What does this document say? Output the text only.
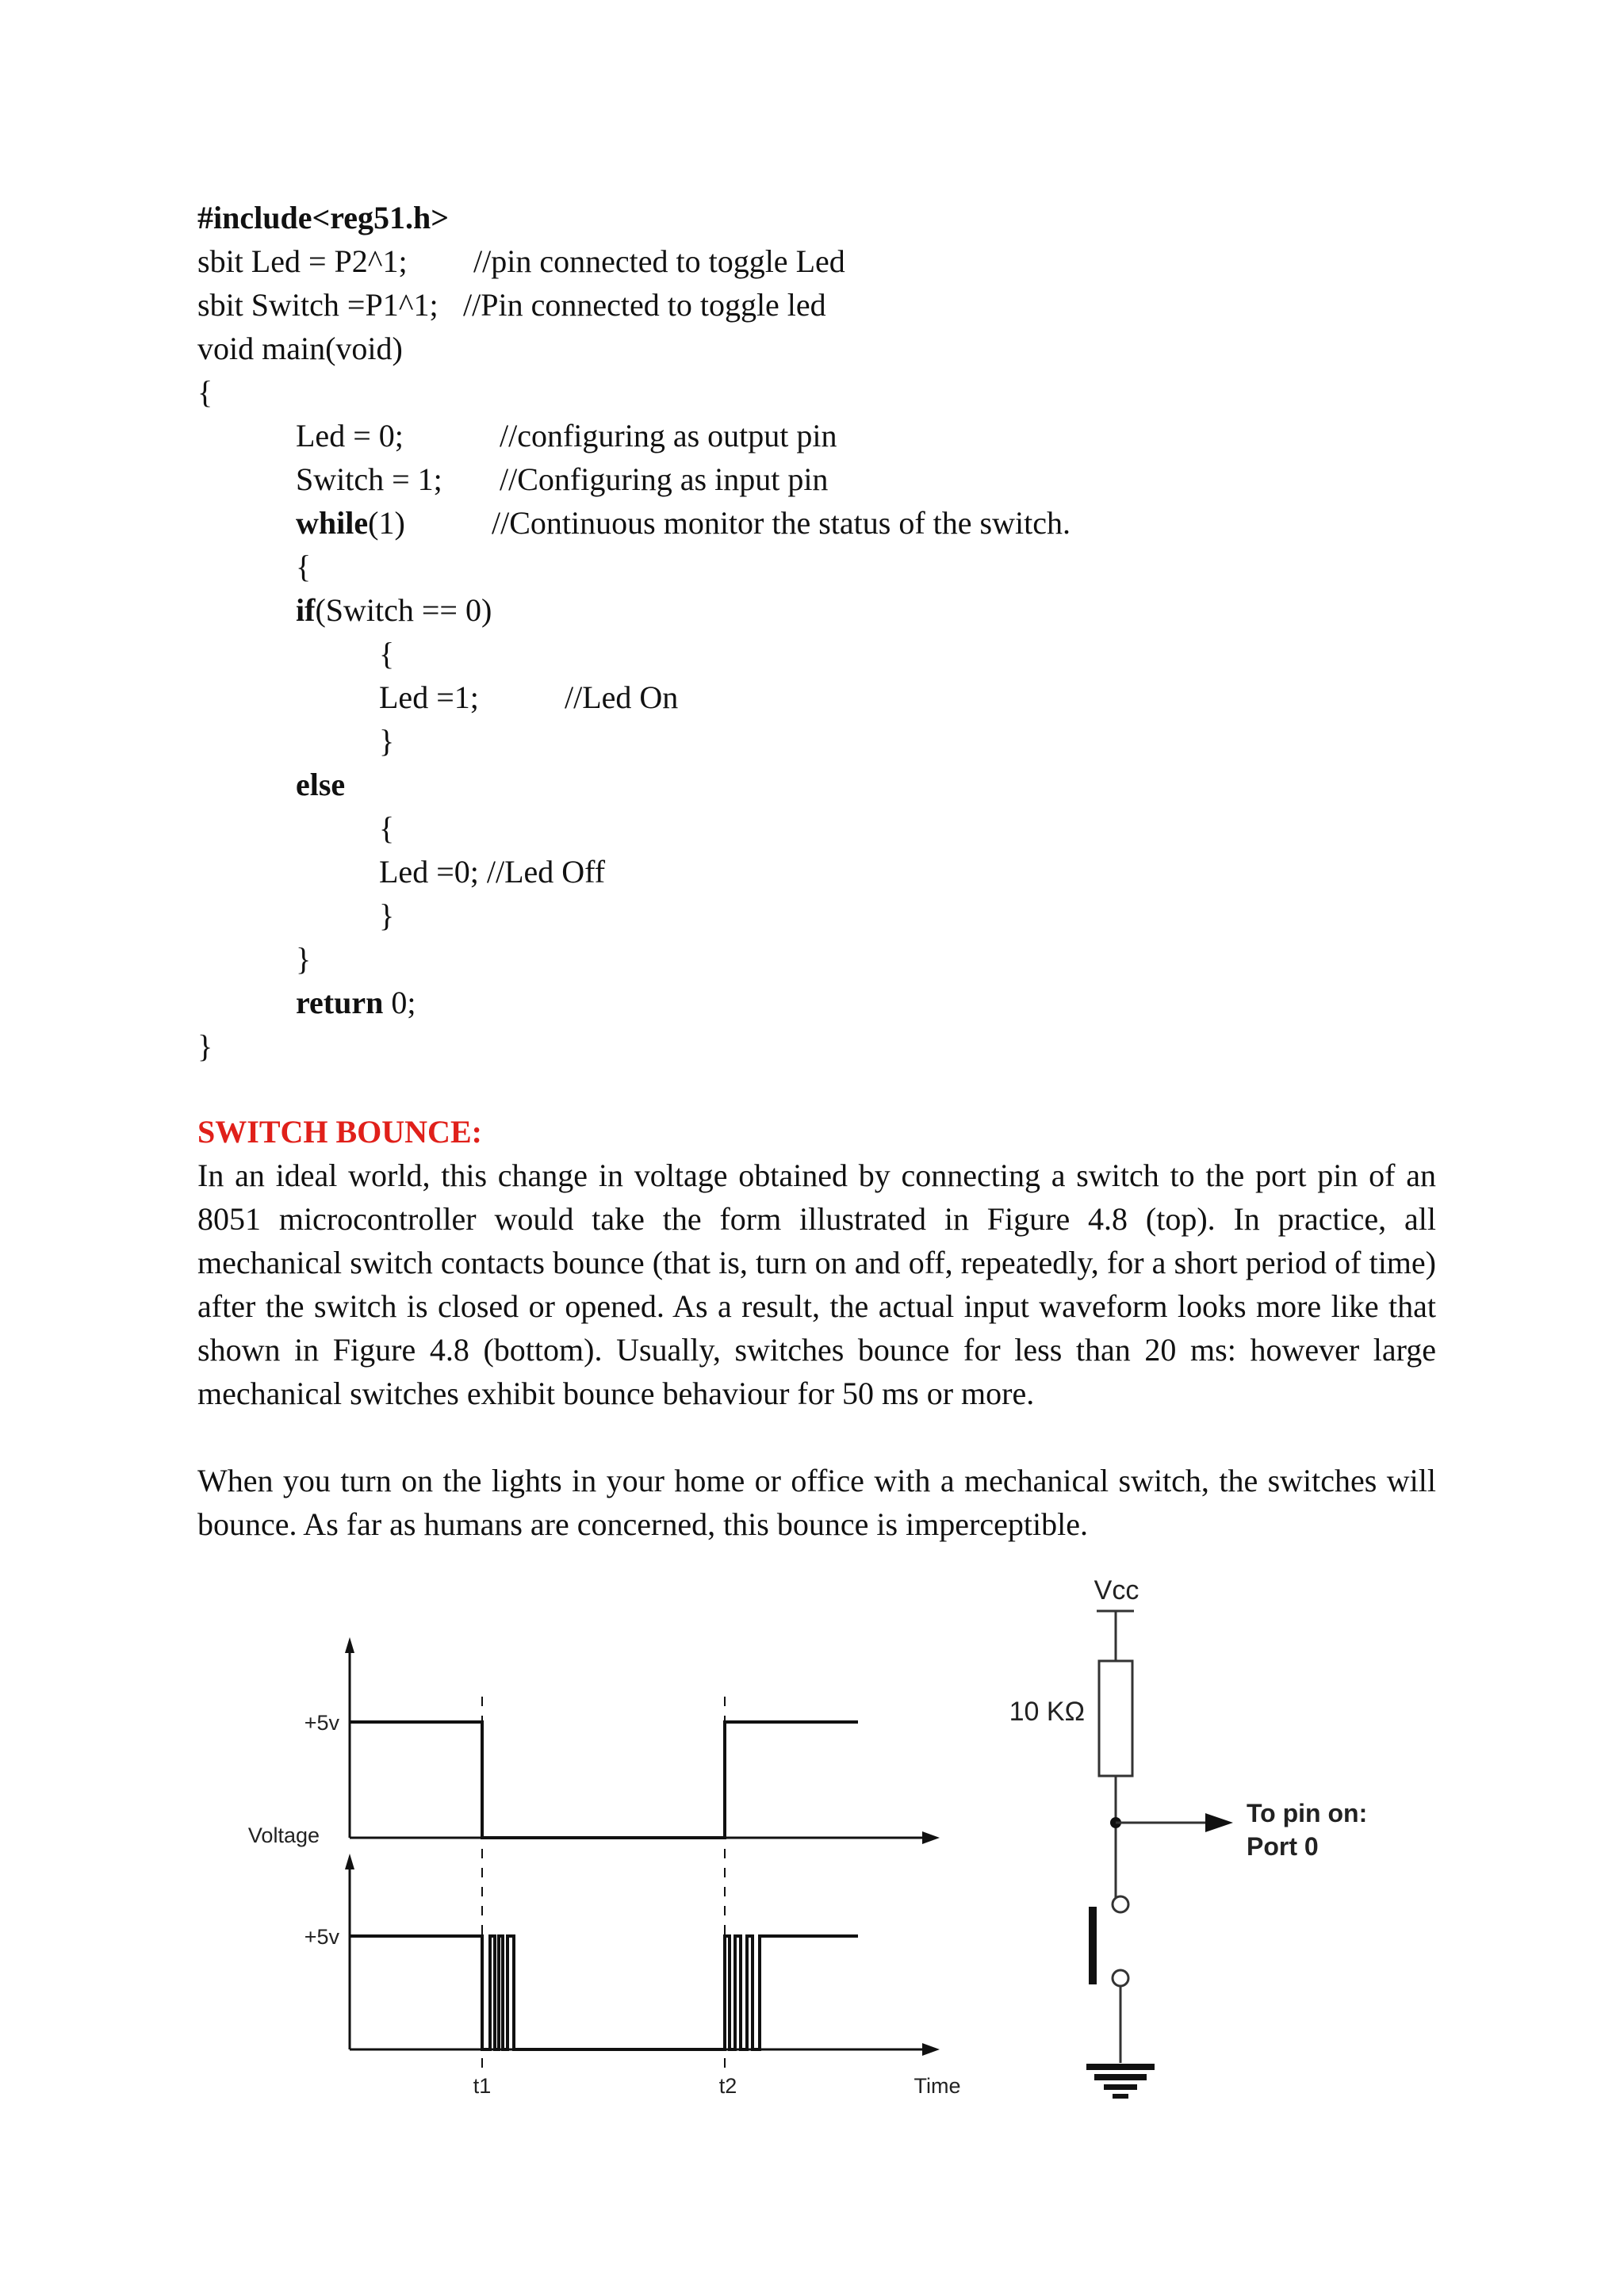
#include<reg51.h>
sbit Led = P2^1; //pin connected to toggle Led
sbit Switch =P1^1; //Pin connected to toggle led
void main(void)
{
Led = 0;	//configuring as output pin
Switch = 1; //Configuring as input pin
while(1)	//Continuous monitor the status of the switch.
{
if(Switch == 0)
{
Led =1;	//Led On
}
else
{
Led =0; //Led Off
}
}
return 0;
}
SWITCH BOUNCE:
In an ideal world, this change in voltage obtained by connecting a switch to the port pin of an 8051 microcontroller would take the form illustrated in Figure 4.8 (top). In practice, all mechanical switch contacts bounce (that is, turn on and off, repeatedly, for a short period of time) after the switch is closed or opened. As a result, the actual input waveform looks more like that shown in Figure 4.8 (bottom). Usually, switches bounce for less than 20 ms: however large mechanical switches exhibit bounce behaviour for 50 ms or more.
When you turn on the lights in your home or office with a mechanical switch, the switches will bounce. As far as humans are concerned, this bounce is imperceptible.
+5v
Voltage
+5v
t1	t2	Time
Vcc
10 KΩ
To pin on:
Port 0
